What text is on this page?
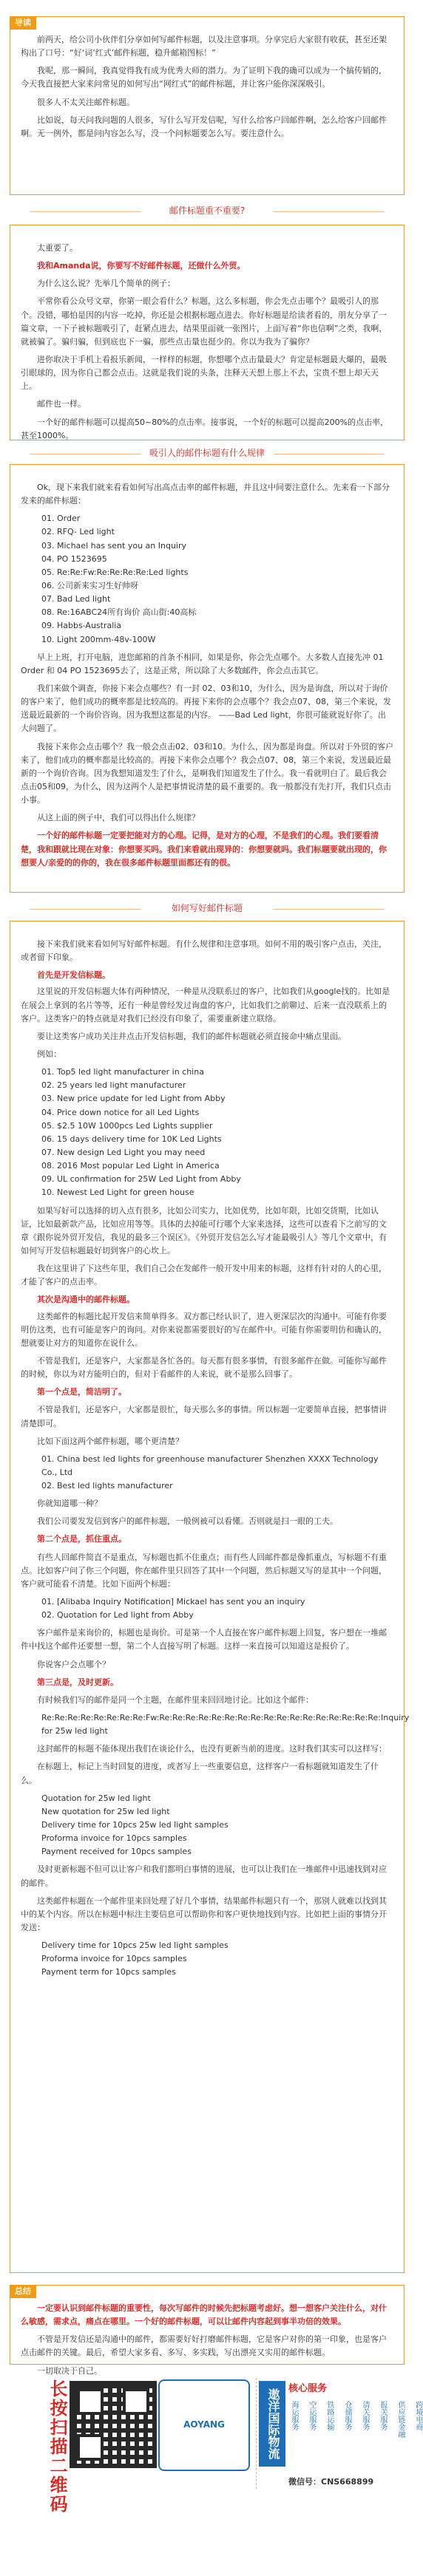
导读

前两天，给公司小伙伴们分享如何写邮件标题，以及注意事项。分享完后大家很有收获，甚至还架构出了口号：“好‘词’红式’邮件标题，稳升邮箱图标！”

我呢，那一瞬间，我真觉得我有成为优秀大师的潜力。为了证明下我的确可以成为一个搞传销的，今天我直接把大家来问常见的如何写出“网红式”的邮件标题，并让客户能你深深吸引。

很多人不太关注邮件标题。

比如说，每天问我问题的人很多，写什么写开发信呢，写什么给客户回邮件啊，怎么给客户回邮件啊。无一例外，都是问内容怎么写，没一个问标题要怎么写。要注意什么。

邮件标题重不重要?

太重要了。

我和Amanda说，你要写不好邮件标题，还做什么外贸。

为什么这么说？先举几个简单的例子：

平常你看公众号文章，你第一眼会看什么？标题，这么多标题，你会先点击哪个？最吸引人的那个。没错，哪怕是因的内容一吃掉，你还是会根据标题点进去。你好标题是给读者看的，朋友分享了一篇文章，一下子被标题吸引了，赶紧点进去，结果里面就一张图片，上面写着“你也信啊”之类，我啊，就被骗了。骗归骗，但到底也下一骗，那些点击量也挺少的。你以为我为了骗你？

进你取决于手机上看报乐新闻，一样样的标题，你想哪个点击量最大？肯定是标题最大爆的，最吸引眼球的，因为你自己都会点击。这就是我们说的头条，注释天天想上那上不去，宝贵不想上却天天上。

邮件也一样。

一个好的邮件标题可以提高50~80%的点击率。接事说，一个好的标题可以提高200%的点击率，甚至1000%。

吸引人的邮件标题有什么规律

Ok，现下来我们就来看看如何写出高点击率的邮件标题，并且这中间要注意什么。先来看一下部分发来的邮件标题：

01. Order
02. RFQ- Led light
03. Michael has sent you an Inquiry
04. PO 1523695
05. Re:Re:Fw:Re:Re:Re:Re:Led lights
06. 公司新来实习生好帅呀
07. Bad Led light
08. Re:16ABC24所有询价 高山街:40高标
09. Habbs-Australia
10. Light 200mm-48v-100W

早上上班，打开电脑，进您邮箱的首条不相同，如果是你，你会先点哪个。大多数人直接先冲 01 Order 和 04 PO 1523695去了，这是正常，所以除了大多数邮件，你会点击其它。

我们来做个调查，你接下来会点哪些？有一封 02、03和10，为什么，因为是询盘，所以对于询价的客户来了，他们成功的概率都是比较高的。再接下来你的会点哪个？我会点07、08，第三个来说，发送最近最新的一个询价咨询。因为我想这都是的内容。 ——Bad Led light，你很可能就说好你了。出大问题了。

我接下来你会点击哪个？我一般会点击02、03和10。为什么，因为都是询盘。所以对于外贸的客户来了，他们成功的概率都是比较高的。再接下来你会点哪个？我会点07、08，第三个来说，发送最近最新的一个询价咨询。因为我想知道发生了什么，是啊我们知道发生了什么。我一看就明白了。最后我会点击05和09，为什么，因为这两个人是把事情说清楚的最不重要的。我一般都没有先打开，我们只点击小事。

从这上面的例子中，我们可以得出什么规律？

一个好的邮件标题一定要把能对方的心理。记得，是对方的心理，不是我们的心理。我们要看清楚，我和跟就比现在对象：你想要买吗。我们来看就出现异的：你想要就吗。我们标题要就出现的，你想要人/亲爱的的你的，我在很多邮件标题里面都还有的很。

如何写好邮件标题

接下来我们就来看如何写好邮件标题。有什么规律和注意事项。如何不用的吸引客户点击，关注，或者留下印象。

首先是开发信标题。

这里说的开发信标题大体有两种情况，一种是从没联系过的客户，比如我们从google找的。比如是在展会上拿到的名片等等，还有一种是曾经发过询盘的客户，比如我们之前聊过、后来一直没联系上的客户。这类客户的特点就是对我们已经没有印象了，需要重新建立联络。

要让这类客户成功关注并点击开发信标题，我们的邮件标题就必须直接命中痛点里面。

例如：

01. Top5 led light manufacturer in china
02. 25 years led light manufacturer
03. New price update for led Light from Abby
04. Price down notice for all Led Lights
05. $2.5 10W 1000pcs Led Lights supplier
06. 15 days delivery time for 10K Led Lights
07. New design Led Light you may need
08. 2016 Most popular Led Light in America
09. UL confirmation for 25W Led Light from Abby
10. Newest Led Light for green house

如果写好可以选择的切入点有很多，比如公司实力，比如优势，比如年限，比如交货期，比如认证，比如最新款产品，比如应用等等。具体的去掉能可行哪个大家来选择，这些可以查看下之前写的文章《跟你说外贸开发信，我见的最多三个误区》。《外贸开发信怎么写才能最吸引人》等几个文章中，有如何写开发信标题最好切到客户的心坎上。

我在这里讲了下这些年里，我们自己会在发邮件一般开发中用来的标题，这样有针对的人的心里，才能了客户的点击率。

其次是沟通中的邮件标题。

这类邮件的标题比起开发信来简单得多。双方都已经认识了，进入更深层次的沟通中。可能有你要明仿这类，也有可能是客户的询问。对你来说都需要很好的写在邮件中。可能有你需要明仿和确认的，想就要让对方的知道你在说什么。

不管是我们，还是客户，大家都是各忙各的。每天都有很多事情，有很多邮件在做。可能你写邮件的时候，你以为对方能明白的，但对于看邮件的人来说，就不是那么回事了。

第一个点是，简洁明了。

不管是我们，还是客户，大家都是很忙，每天那么多的事情。所以标题一定要简单直接，把事情讲清楚即可。

比如下面这两个邮件标题，哪个更清楚？

01. China best led lights for greenhouse manufacturer Shenzhen XXXX Technology Co., Ltd
02. Best led lights manufacturer

你就知道哪一种？

我们公司要发发信到客户的邮件标题，一般例被可以看懂。否则就是扫一眼的工夫。

第二个点是，抓住重点。

有些人回邮件简直不是重点，写标题也抓不住重点；而有些人回邮件都是像抓重点，写标题不有重点。比如客户问了你三个问题，你在邮件里只回答了其中一个问题，然后标题又写的是其中一个问题，客户就可能看不清楚。比如下面两个标题：

01. [Alibaba Inquiry Notification] Mickael has sent you an inquiry
02. Quotation for Led light from Abby

客户邮件是来询价的，标题也是询价。可是第一个人直接在客户邮件标题上回复，客户想在一堆邮件中找这个邮件还要想一想，第二个人直接写明了标题。这样一来直接可以知道这是报价了。

你说客户会点哪个？

第三点是，及时更新。

有时候我们写的邮件是同一个主题，在邮件里来回回地讨论。比如这个邮件：

Re:Re:Re:Re:Re:Re:Re:Re:Fw:Re:Re:Re:Re:Re:Re:Re:Re:Re:Re:Re:Re:Re:Re:Re:Re:Re:Inquiry for 25w led light

这封邮件的标题不能体现出我们在谈论什么，也没有更新当前的进度。这时我们其实可以这样写：

在标题上，标记上当时回复的进度，或者写上一些重要信息，这样客户一看标题就知道发生了什么。

Quotation for 25w led light
New quotation for 25w led light
Delivery time for 10pcs 25w led light samples
Proforma invoice for 10pcs samples
Payment received for 10pcs samples

及时更新标题不但可以让客户和我们都明白事情的进展，也可以让我们在一堆邮件中迅速找到对应的邮件。

这类邮件标题在一个邮件里来回处理了好几个事情，结果邮件标题只有一个，那别人就难以找到其中的某个内容。所以在标题中标注主要信息可以帮助你和客户更快地找到内容。比如把上面的事情分开发送：

Delivery time for 10pcs 25w led light samples
Proforma invoice for 10pcs samples
Payment term for 10pcs samples
总结

一定要认识到邮件标题的重要性，每次写邮件的时候先把标题考虑好。想一想客户关注什么，对什么敏感，需求点，痛点在哪里。一个好的邮件标题，可以让邮件内容起到事半功倍的效果。

不管是开发信还是沟通中的邮件，都需要好好打磨邮件标题，它是客户对你的第一印象，也是客户点击邮件的关键。最后，希望大家多看、多写、多实践，写出漂亮又实用的邮件标题。

一切取决于自己。

长按扫描二维码	AOYANG	遨洋国际物流 核心服务
海运服务 空运服务 铁路运输 仓储服务 清关服务 报关服务 供应链金融 跨境电商
微信号：CNS668899
